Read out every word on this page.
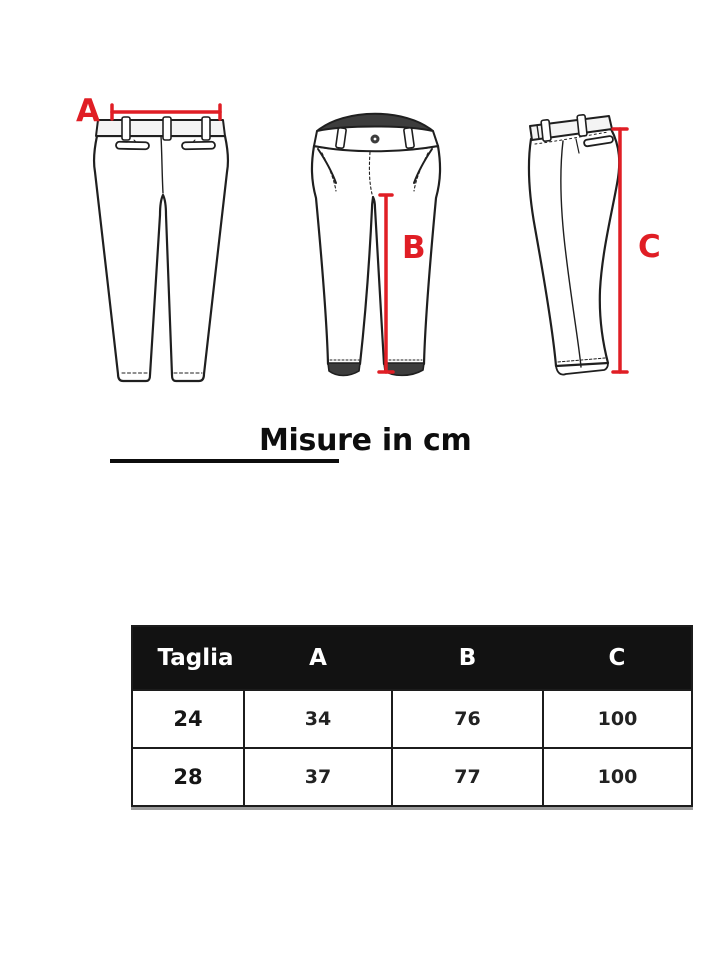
A
B	C
Misure in cm
Taglia	A	B	C
24	34	76	100
28	37	77	100
